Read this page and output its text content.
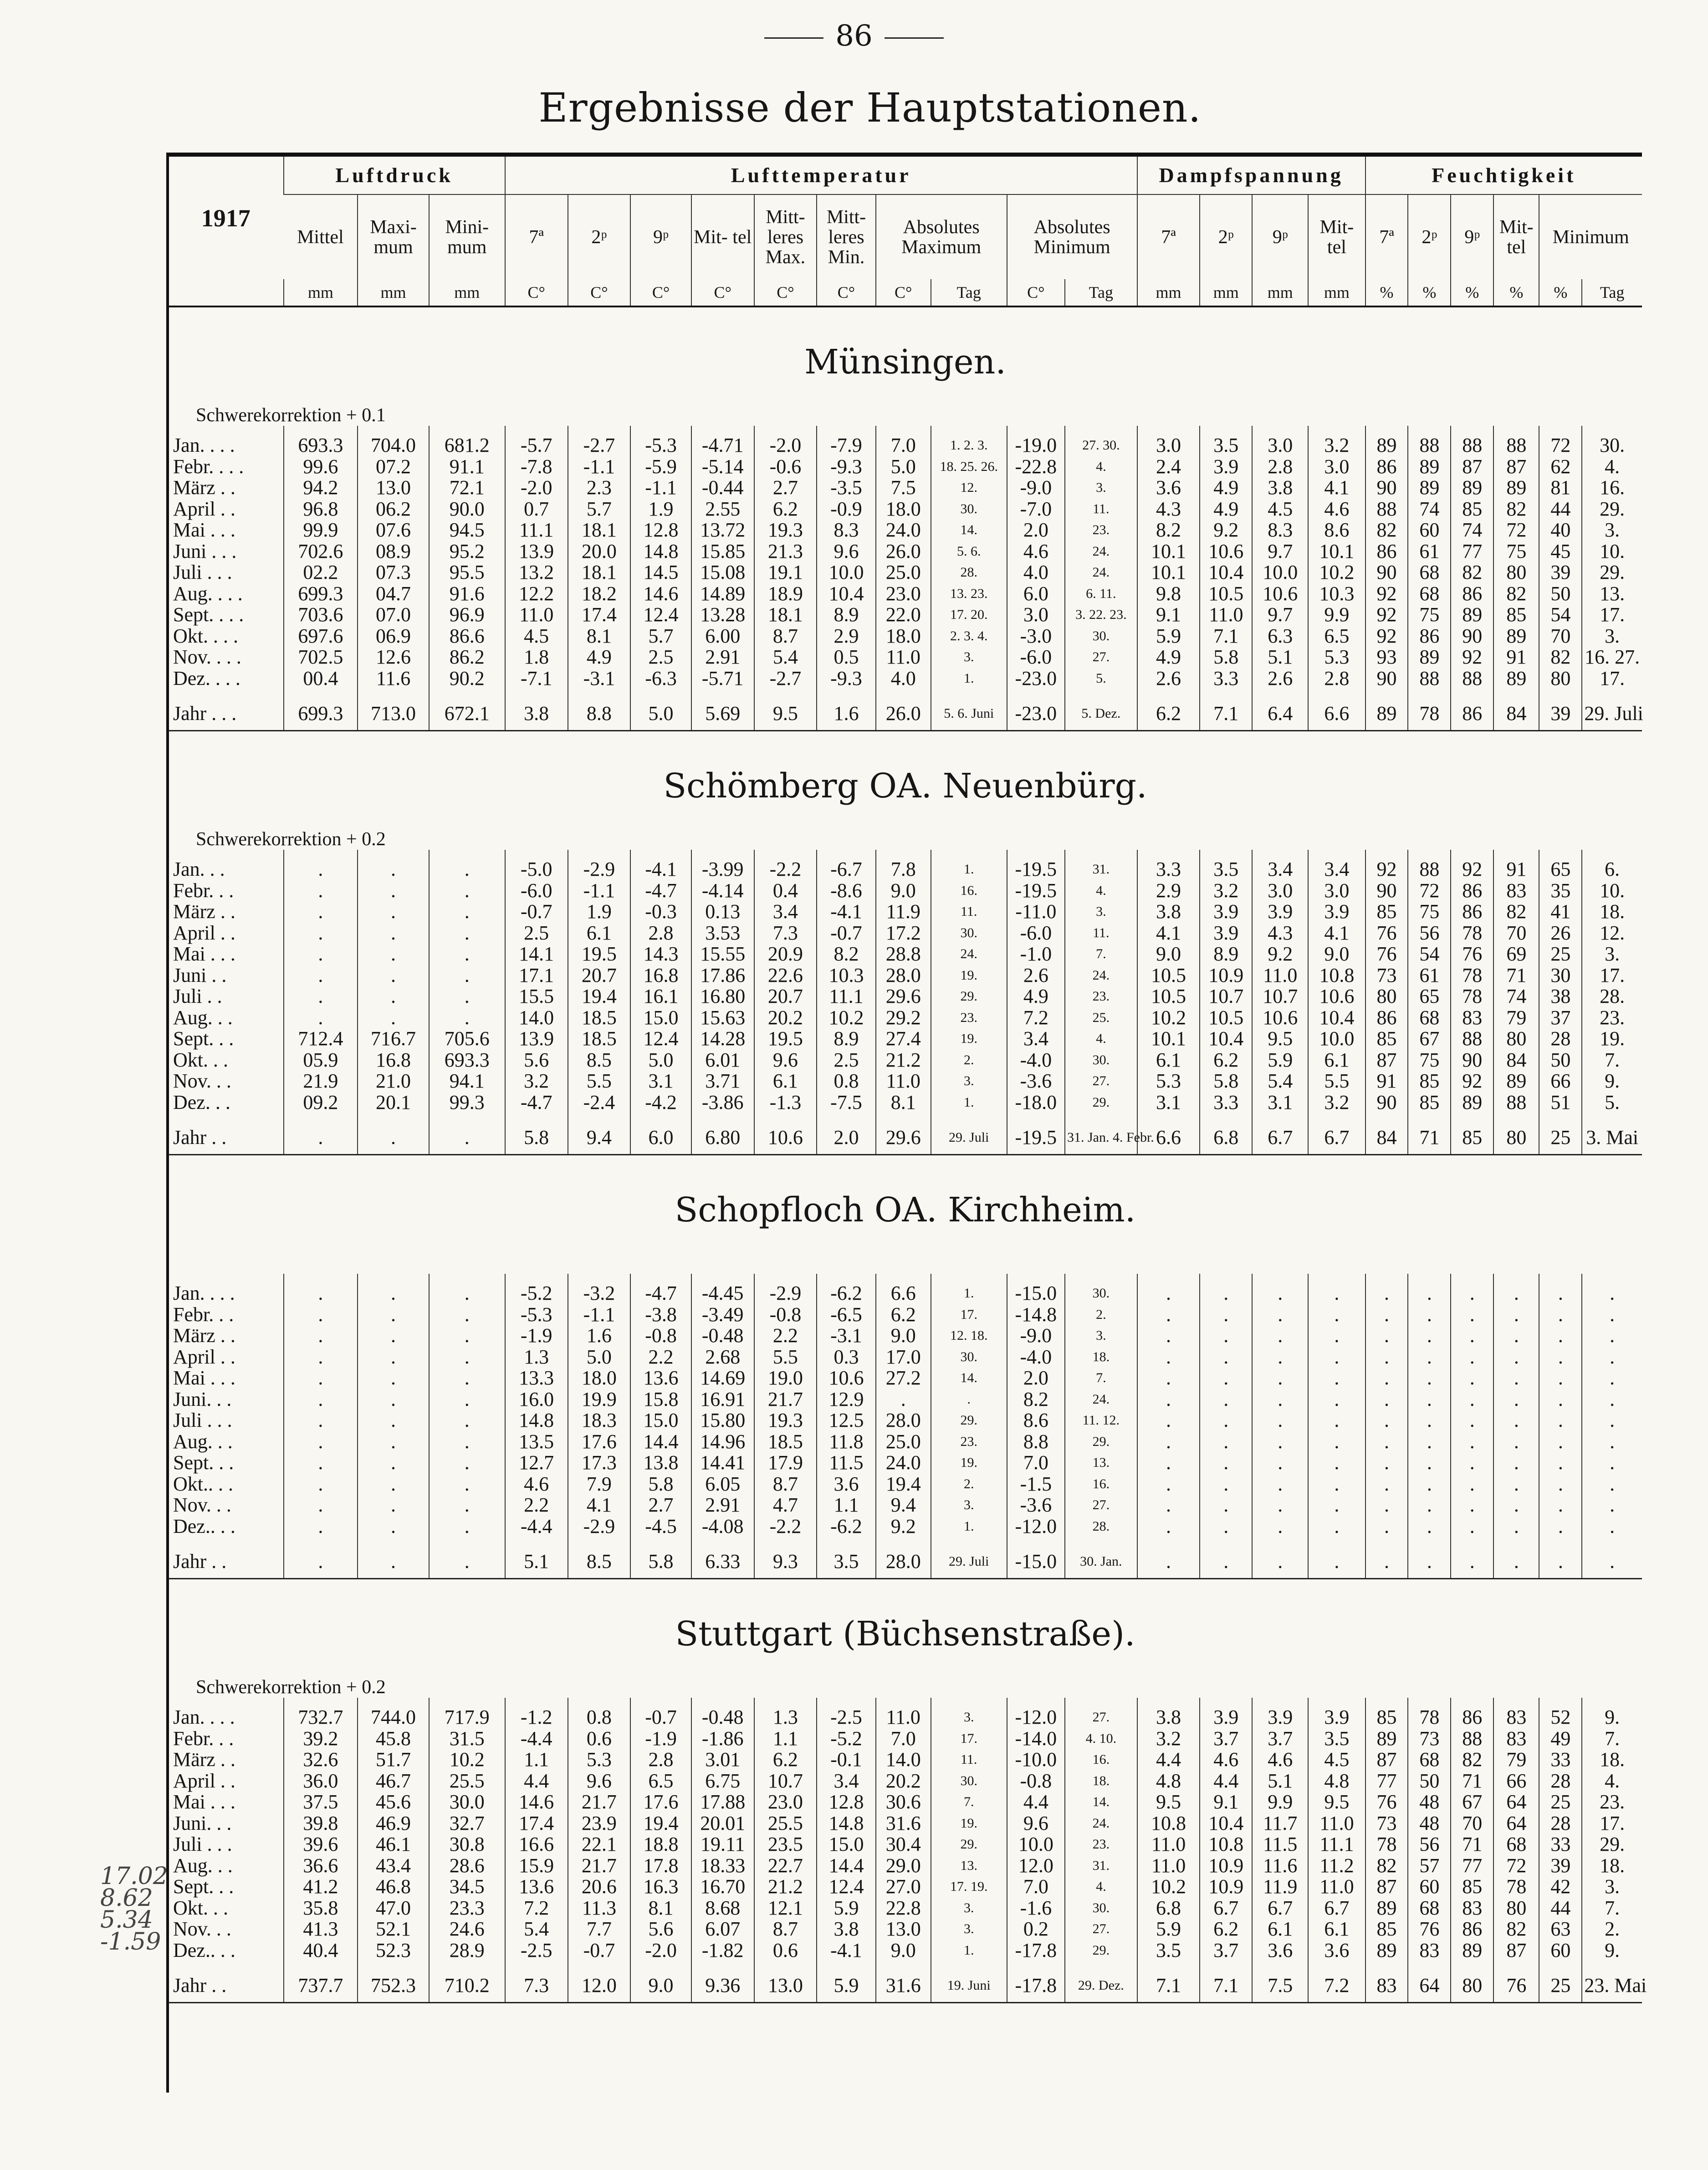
86
Ergebnisse der Hauptstationen.
1917	Luftdruck			Lufttemperatur										Dampfspannung				Feuchtigkeit					
	Mittel	Maxi- mum	Mini- mum	7ª	2ᵖ	9ᵖ	Mit- tel	Mitt- leres Max.	Mitt- leres Min.	Absolutes Maximum		Absolutes Minimum		7ª	2ᵖ	9ᵖ	Mit- tel	7ª	2ᵖ	9ᵖ	Mit- tel	Minimum	
	mm	mm	mm	C°	C°	C°	C°	C°	C°	C°	Tag	C°	Tag	mm	mm	mm	mm	%	%	%	%	%	Tag
Münsingen.																							
Schwerekorrektion + 0.1																							
Jan. . . .	693.3	704.0	681.2	-5.7	-2.7	-5.3	-4.71	-2.0	-7.9	7.0	1. 2. 3.	-19.0	27. 30.	3.0	3.5	3.0	3.2	89	88	88	88	72	30.
Febr. . . .	99.6	07.2	91.1	-7.8	-1.1	-5.9	-5.14	-0.6	-9.3	5.0	18. 25. 26.	-22.8	4.	2.4	3.9	2.8	3.0	86	89	87	87	62	4.
März . .	94.2	13.0	72.1	-2.0	2.3	-1.1	-0.44	2.7	-3.5	7.5	12.	-9.0	3.	3.6	4.9	3.8	4.1	90	89	89	89	81	16.
April . .	96.8	06.2	90.0	0.7	5.7	1.9	2.55	6.2	-0.9	18.0	30.	-7.0	11.	4.3	4.9	4.5	4.6	88	74	85	82	44	29.
Mai . . .	99.9	07.6	94.5	11.1	18.1	12.8	13.72	19.3	8.3	24.0	14.	2.0	23.	8.2	9.2	8.3	8.6	82	60	74	72	40	3.
Juni . . .	702.6	08.9	95.2	13.9	20.0	14.8	15.85	21.3	9.6	26.0	5. 6.	4.6	24.	10.1	10.6	9.7	10.1	86	61	77	75	45	10.
Juli . . .	02.2	07.3	95.5	13.2	18.1	14.5	15.08	19.1	10.0	25.0	28.	4.0	24.	10.1	10.4	10.0	10.2	90	68	82	80	39	29.
Aug. . . .	699.3	04.7	91.6	12.2	18.2	14.6	14.89	18.9	10.4	23.0	13. 23.	6.0	6. 11.	9.8	10.5	10.6	10.3	92	68	86	82	50	13.
Sept. . . .	703.6	07.0	96.9	11.0	17.4	12.4	13.28	18.1	8.9	22.0	17. 20.	3.0	3. 22. 23.	9.1	11.0	9.7	9.9	92	75	89	85	54	17.
Okt. . . .	697.6	06.9	86.6	4.5	8.1	5.7	6.00	8.7	2.9	18.0	2. 3. 4.	-3.0	30.	5.9	7.1	6.3	6.5	92	86	90	89	70	3.
Nov. . . .	702.5	12.6	86.2	1.8	4.9	2.5	2.91	5.4	0.5	11.0	3.	-6.0	27.	4.9	5.8	5.1	5.3	93	89	92	91	82	16. 27.
Dez. . . .	00.4	11.6	90.2	-7.1	-3.1	-6.3	-5.71	-2.7	-9.3	4.0	1.	-23.0	5.	2.6	3.3	2.6	2.8	90	88	88	89	80	17.

Jahr . . .	699.3	713.0	672.1	3.8	8.8	5.0	5.69	9.5	1.6	26.0	5. 6. Juni	-23.0	5. Dez.	6.2	7.1	6.4	6.6	89	78	86	84	39	29. Juli
Schömberg OA. Neuenbürg.																							
Schwerekorrektion + 0.2																							
Jan. . .	.	.	.	-5.0	-2.9	-4.1	-3.99	-2.2	-6.7	7.8	1.	-19.5	31.	3.3	3.5	3.4	3.4	92	88	92	91	65	6.
Febr. . .	.	.	.	-6.0	-1.1	-4.7	-4.14	0.4	-8.6	9.0	16.	-19.5	4.	2.9	3.2	3.0	3.0	90	72	86	83	35	10.
März . .	.	.	.	-0.7	1.9	-0.3	0.13	3.4	-4.1	11.9	11.	-11.0	3.	3.8	3.9	3.9	3.9	85	75	86	82	41	18.
April . .	.	.	.	2.5	6.1	2.8	3.53	7.3	-0.7	17.2	30.	-6.0	11.	4.1	3.9	4.3	4.1	76	56	78	70	26	12.
Mai . . .	.	.	.	14.1	19.5	14.3	15.55	20.9	8.2	28.8	24.	-1.0	7.	9.0	8.9	9.2	9.0	76	54	76	69	25	3.
Juni . .	.	.	.	17.1	20.7	16.8	17.86	22.6	10.3	28.0	19.	2.6	24.	10.5	10.9	11.0	10.8	73	61	78	71	30	17.
Juli . .	.	.	.	15.5	19.4	16.1	16.80	20.7	11.1	29.6	29.	4.9	23.	10.5	10.7	10.7	10.6	80	65	78	74	38	28.
Aug. . .	.	.	.	14.0	18.5	15.0	15.63	20.2	10.2	29.2	23.	7.2	25.	10.2	10.5	10.6	10.4	86	68	83	79	37	23.
Sept. . .	712.4	716.7	705.6	13.9	18.5	12.4	14.28	19.5	8.9	27.4	19.	3.4	4.	10.1	10.4	9.5	10.0	85	67	88	80	28	19.
Okt. . .	05.9	16.8	693.3	5.6	8.5	5.0	6.01	9.6	2.5	21.2	2.	-4.0	30.	6.1	6.2	5.9	6.1	87	75	90	84	50	7.
Nov. . .	21.9	21.0	94.1	3.2	5.5	3.1	3.71	6.1	0.8	11.0	3.	-3.6	27.	5.3	5.8	5.4	5.5	91	85	92	89	66	9.
Dez. . .	09.2	20.1	99.3	-4.7	-2.4	-4.2	-3.86	-1.3	-7.5	8.1	1.	-18.0	29.	3.1	3.3	3.1	3.2	90	85	89	88	51	5.

Jahr . .	.	.	.	5.8	9.4	6.0	6.80	10.6	2.0	29.6	29. Juli	-19.5	31. Jan. 4. Febr.	6.6	6.8	6.7	6.7	84	71	85	80	25	3. Mai
Schopfloch OA. Kirchheim.																							

Jan. . . .	.	.	.	-5.2	-3.2	-4.7	-4.45	-2.9	-6.2	6.6	1.	-15.0	30.	.	.	.	.	.	.	.	.	.	.
Febr. . .	.	.	.	-5.3	-1.1	-3.8	-3.49	-0.8	-6.5	6.2	17.	-14.8	2.	.	.	.	.	.	.	.	.	.	.
März . .	.	.	.	-1.9	1.6	-0.8	-0.48	2.2	-3.1	9.0	12. 18.	-9.0	3.	.	.	.	.	.	.	.	.	.	.
April . .	.	.	.	1.3	5.0	2.2	2.68	5.5	0.3	17.0	30.	-4.0	18.	.	.	.	.	.	.	.	.	.	.
Mai . . .	.	.	.	13.3	18.0	13.6	14.69	19.0	10.6	27.2	14.	2.0	7.	.	.	.	.	.	.	.	.	.	.
Juni. . .	.	.	.	16.0	19.9	15.8	16.91	21.7	12.9	.	.	8.2	24.	.	.	.	.	.	.	.	.	.	.
Juli . . .	.	.	.	14.8	18.3	15.0	15.80	19.3	12.5	28.0	29.	8.6	11. 12.	.	.	.	.	.	.	.	.	.	.
Aug. . .	.	.	.	13.5	17.6	14.4	14.96	18.5	11.8	25.0	23.	8.8	29.	.	.	.	.	.	.	.	.	.	.
Sept. . .	.	.	.	12.7	17.3	13.8	14.41	17.9	11.5	24.0	19.	7.0	13.	.	.	.	.	.	.	.	.	.	.
Okt.. . .	.	.	.	4.6	7.9	5.8	6.05	8.7	3.6	19.4	2.	-1.5	16.	.	.	.	.	.	.	.	.	.	.
Nov. . .	.	.	.	2.2	4.1	2.7	2.91	4.7	1.1	9.4	3.	-3.6	27.	.	.	.	.	.	.	.	.	.	.
Dez.. . .	.	.	.	-4.4	-2.9	-4.5	-4.08	-2.2	-6.2	9.2	1.	-12.0	28.	.	.	.	.	.	.	.	.	.	.

Jahr . .	.	.	.	5.1	8.5	5.8	6.33	9.3	3.5	28.0	29. Juli	-15.0	30. Jan.	.	.	.	.	.	.	.	.	.	.
Stuttgart (Büchsenstraße).																							
Schwerekorrektion + 0.2																							
Jan. . . .	732.7	744.0	717.9	-1.2	0.8	-0.7	-0.48	1.3	-2.5	11.0	3.	-12.0	27.	3.8	3.9	3.9	3.9	85	78	86	83	52	9.
Febr. . .	39.2	45.8	31.5	-4.4	0.6	-1.9	-1.86	1.1	-5.2	7.0	17.	-14.0	4. 10.	3.2	3.7	3.7	3.5	89	73	88	83	49	7.
März . .	32.6	51.7	10.2	1.1	5.3	2.8	3.01	6.2	-0.1	14.0	11.	-10.0	16.	4.4	4.6	4.6	4.5	87	68	82	79	33	18.
April . .	36.0	46.7	25.5	4.4	9.6	6.5	6.75	10.7	3.4	20.2	30.	-0.8	18.	4.8	4.4	5.1	4.8	77	50	71	66	28	4.
Mai . . .	37.5	45.6	30.0	14.6	21.7	17.6	17.88	23.0	12.8	30.6	7.	4.4	14.	9.5	9.1	9.9	9.5	76	48	67	64	25	23.
Juni. . .	39.8	46.9	32.7	17.4	23.9	19.4	20.01	25.5	14.8	31.6	19.	9.6	24.	10.8	10.4	11.7	11.0	73	48	70	64	28	17.
Juli . . .	39.6	46.1	30.8	16.6	22.1	18.8	19.11	23.5	15.0	30.4	29.	10.0	23.	11.0	10.8	11.5	11.1	78	56	71	68	33	29.
Aug. . .	36.6	43.4	28.6	15.9	21.7	17.8	18.33	22.7	14.4	29.0	13.	12.0	31.	11.0	10.9	11.6	11.2	82	57	77	72	39	18.
Sept. . .	41.2	46.8	34.5	13.6	20.6	16.3	16.70	21.2	12.4	27.0	17. 19.	7.0	4.	10.2	10.9	11.9	11.0	87	60	85	78	42	3.
Okt. . .	35.8	47.0	23.3	7.2	11.3	8.1	8.68	12.1	5.9	22.8	3.	-1.6	30.	6.8	6.7	6.7	6.7	89	68	83	80	44	7.
Nov. . .	41.3	52.1	24.6	5.4	7.7	5.6	6.07	8.7	3.8	13.0	3.	0.2	27.	5.9	6.2	6.1	6.1	85	76	86	82	63	2.
Dez.. . .	40.4	52.3	28.9	-2.5	-0.7	-2.0	-1.82	0.6	-4.1	9.0	1.	-17.8	29.	3.5	3.7	3.6	3.6	89	83	89	87	60	9.

Jahr . .	737.7	752.3	710.2	7.3	12.0	9.0	9.36	13.0	5.9	31.6	19. Juni	-17.8	29. Dez.	7.1	7.1	7.5	7.2	83	64	80	76	25	23. Mai
17.02
8.62
5.34
-1.59
